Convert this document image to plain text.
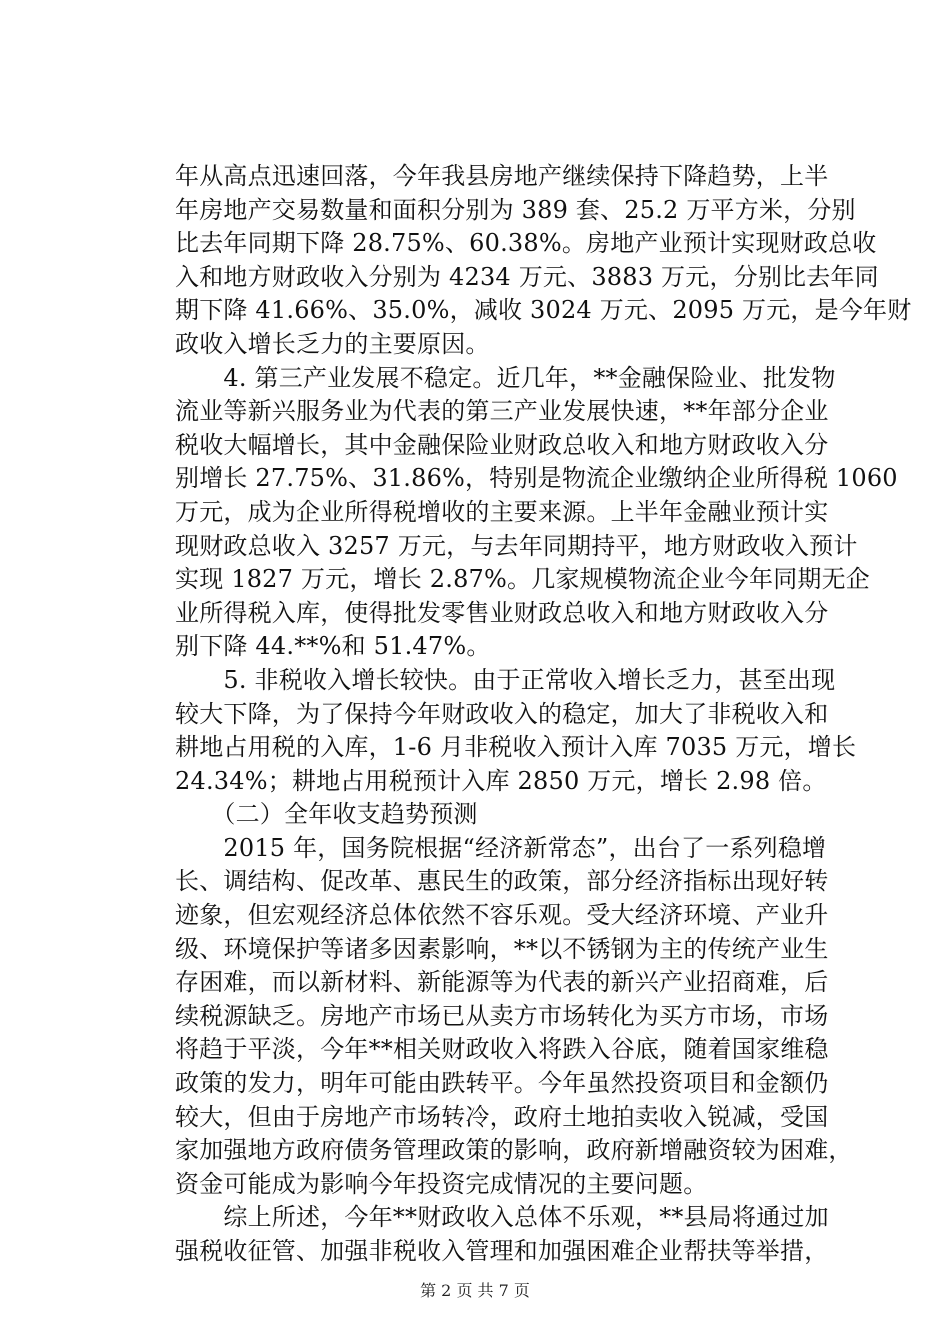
年从高点迅速回落，今年我县房地产继续保持下降趋势，上半
年房地产交易数量和面积分别为 389 套、25.2 万平方米，分别
比去年同期下降 28.75%、60.38%。房地产业预计实现财政总收
入和地方财政收入分别为 4234 万元、3883 万元，分别比去年同
期下降 41.66%、35.0%，减收 3024 万元、2095 万元，是今年财
政收入增长乏力的主要原因。
　　4. 第三产业发展不稳定。近几年，**金融保险业、批发物
流业等新兴服务业为代表的第三产业发展快速，**年部分企业
税收大幅增长，其中金融保险业财政总收入和地方财政收入分
别增长 27.75%、31.86%，特别是物流企业缴纳企业所得税 1060
万元，成为企业所得税增收的主要来源。上半年金融业预计实
现财政总收入 3257 万元，与去年同期持平，地方财政收入预计
实现 1827 万元，增长 2.87%。几家规模物流企业今年同期无企
业所得税入库，使得批发零售业财政总收入和地方财政收入分
别下降 44.**%和 51.47%。
　　5. 非税收入增长较快。由于正常收入增长乏力，甚至出现
较大下降，为了保持今年财政收入的稳定，加大了非税收入和
耕地占用税的入库，1-6 月非税收入预计入库 7035 万元，增长
24.34%；耕地占用税预计入库 2850 万元，增长 2.98 倍。
　　（二）全年收支趋势预测
　　2015 年，国务院根据“经济新常态”，出台了一系列稳增
长、调结构、促改革、惠民生的政策，部分经济指标出现好转
迹象，但宏观经济总体依然不容乐观。受大经济环境、产业升
级、环境保护等诸多因素影响，**以不锈钢为主的传统产业生
存困难，而以新材料、新能源等为代表的新兴产业招商难，后
续税源缺乏。房地产市场已从卖方市场转化为买方市场，市场
将趋于平淡，今年**相关财政收入将跌入谷底，随着国家维稳
政策的发力，明年可能由跌转平。今年虽然投资项目和金额仍
较大，但由于房地产市场转冷，政府土地拍卖收入锐减，受国
家加强地方政府债务管理政策的影响，政府新增融资较为困难，
资金可能成为影响今年投资完成情况的主要问题。
　　综上所述，今年**财政收入总体不乐观，**县局将通过加
强税收征管、加强非税收入管理和加强困难企业帮扶等举措，
第 2 页 共 7 页
